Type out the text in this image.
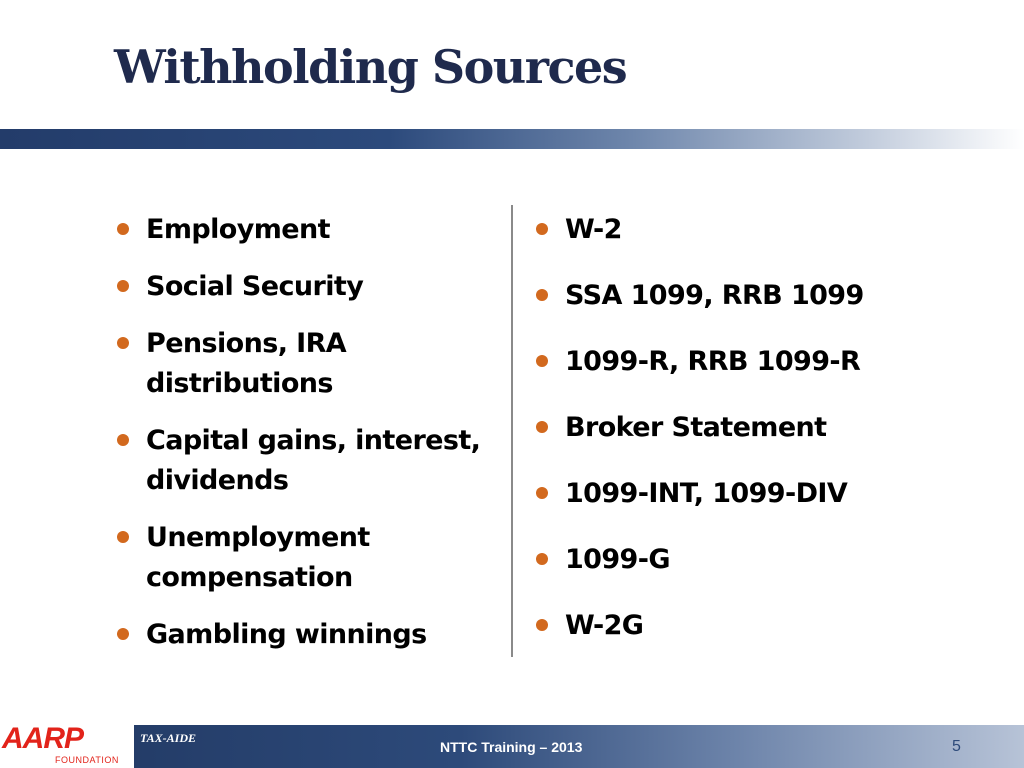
Withholding Sources
Employment
Social Security
Pensions, IRA
distributions
Capital gains, interest,
dividends
Unemployment
compensation
Gambling winnings
W-2
SSA 1099, RRB 1099
1099-R, RRB 1099-R
Broker Statement
1099-INT, 1099-DIV
1099-G
W-2G
AARP
FOUNDATION
TAX-AIDE
NTTC Training – 2013	5
